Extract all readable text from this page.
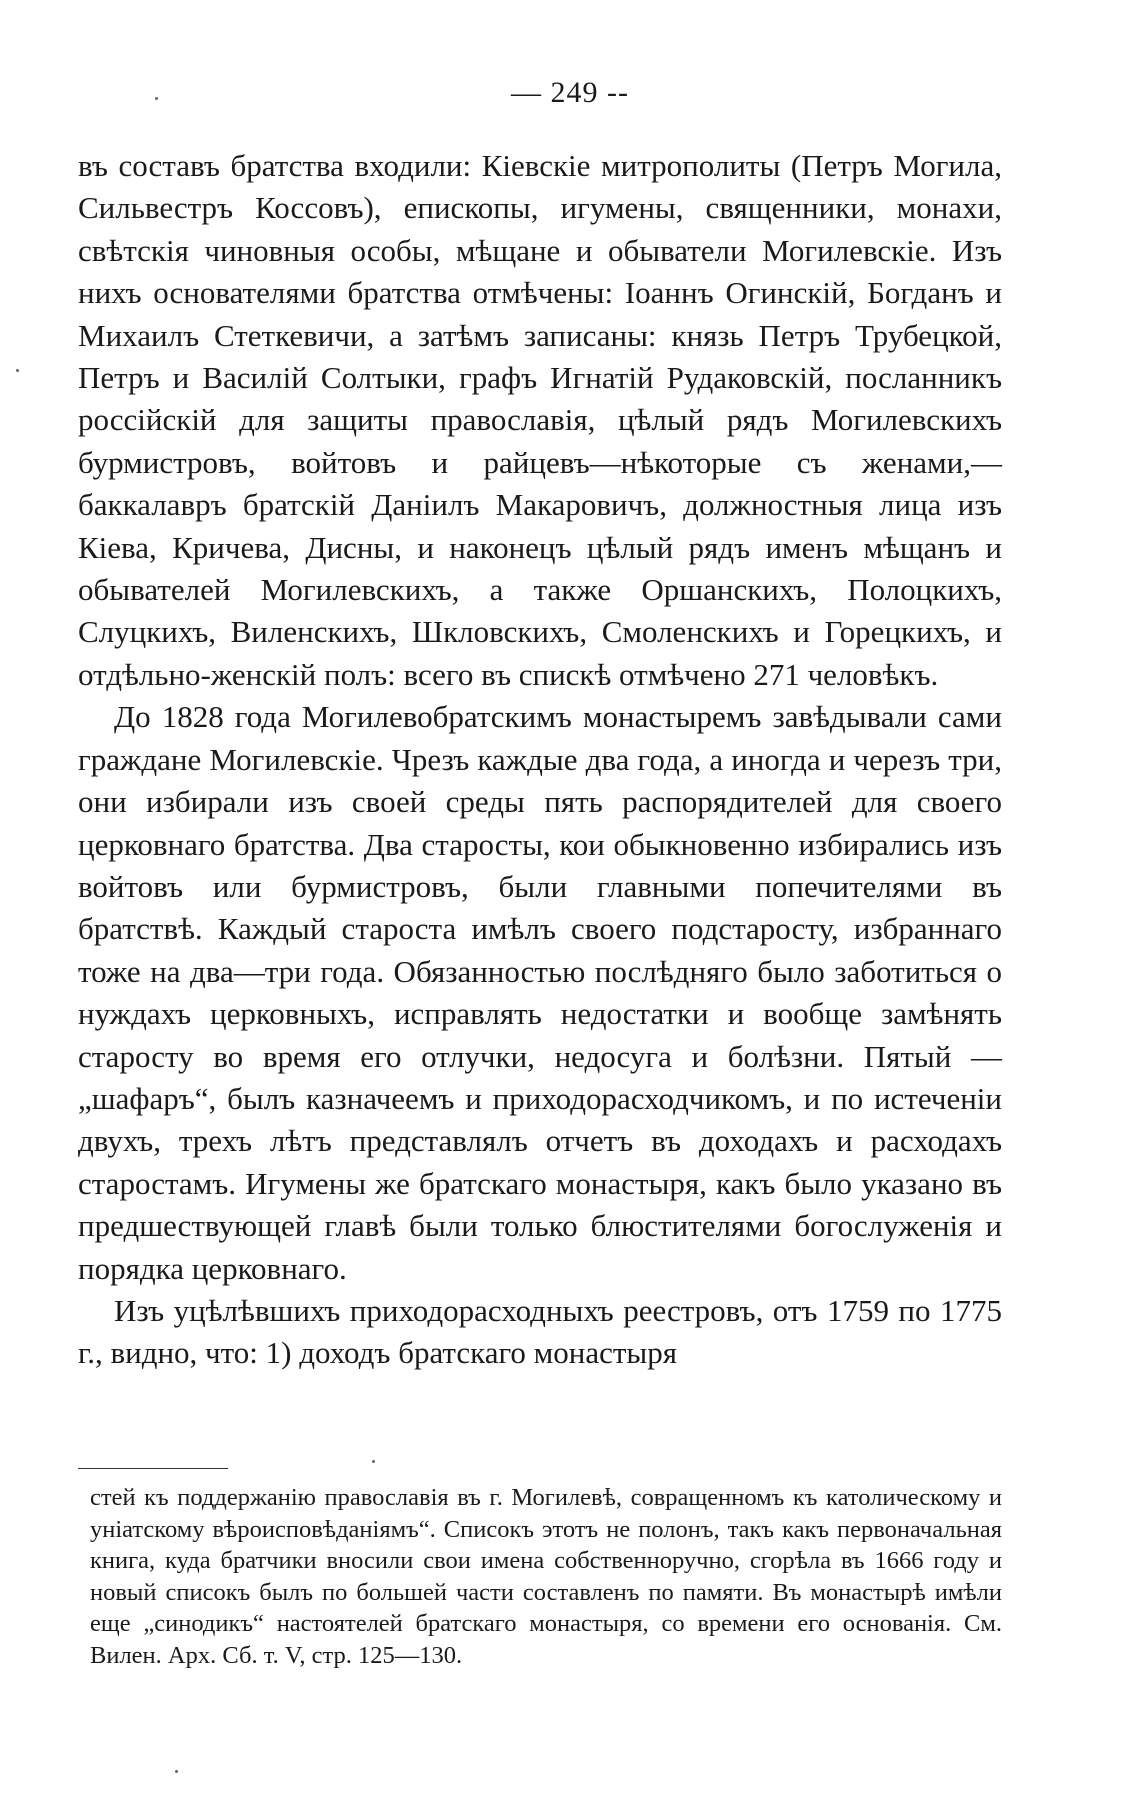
— 249 --

въ составъ братства входили: Кіевскіе митрополиты (Петръ Могила, Сильвестръ Коссовъ), епископы, игумены, священники, монахи, свѣтскія чиновныя особы, мѣщане и обыватели Могилевскіе. Изъ нихъ основателями братства отмѣчены: Іоаннъ Огинскій, Богданъ и Михаилъ Стеткевичи, а затѣмъ записаны: князь Петръ Трубецкой, Петръ и Василій Солтыки, графъ Игнатій Рудаковскій, посланникъ россійскій для защиты православія, цѣлый рядъ Могилевскихъ бурмистровъ, войтовъ и райцевъ—нѣкоторые съ женами,—баккалавръ братскій Даніилъ Макаровичъ, должностныя лица изъ Кіева, Кричева, Дисны, и наконецъ цѣлый рядъ именъ мѣщанъ и обывателей Могилевскихъ, а также Оршанскихъ, Полоцкихъ, Слуцкихъ, Виленскихъ, Шкловскихъ, Смоленскихъ и Горецкихъ, и отдѣльно-женскій полъ: всего въ спискѣ отмѣчено 271 человѣкъ.

До 1828 года Могилевобратскимъ монастыремъ завѣдывали сами граждане Могилевскіе. Чрезъ каждые два года, а иногда и черезъ три, они избирали изъ своей среды пять распорядителей для своего церковнаго братства. Два старосты, кои обыкновенно избирались изъ войтовъ или бурмистровъ, были главными попечителями въ братствѣ. Каждый староста имѣлъ своего подстаросту, избраннаго тоже на два—три года. Обязанностью послѣдняго было заботиться о нуждахъ церковныхъ, исправлять недостатки и вообще замѣнять старосту во время его отлучки, недосуга и болѣзни. Пятый — „шафаръ“, былъ казначеемъ и приходорасходчикомъ, и по истеченіи двухъ, трехъ лѣтъ представлялъ отчетъ въ доходахъ и расходахъ старостамъ. Игумены же братскаго монастыря, какъ было указано въ предшествующей главѣ были только блюстителями богослуженія и порядка церковнаго.

Изъ уцѣлѣвшихъ приходорасходныхъ реестровъ, отъ 1759 по 1775 г., видно, что: 1) доходъ братскаго монастыря

стей къ поддержанію православія въ г. Могилевѣ, совращенномъ къ католическому и уніатскому вѣроисповѣданіямъ“. Списокъ этотъ не полонъ, такъ какъ первоначальная книга, куда братчики вносили свои имена собственноручно, сгорѣла въ 1666 году и новый списокъ былъ по большей части составленъ по памяти. Въ монастырѣ имѣли еще „синодикъ“ настоятелей братскаго монастыря, со времени его основанія. См. Вилен. Арх. Сб. т. V, стр. 125—130.
